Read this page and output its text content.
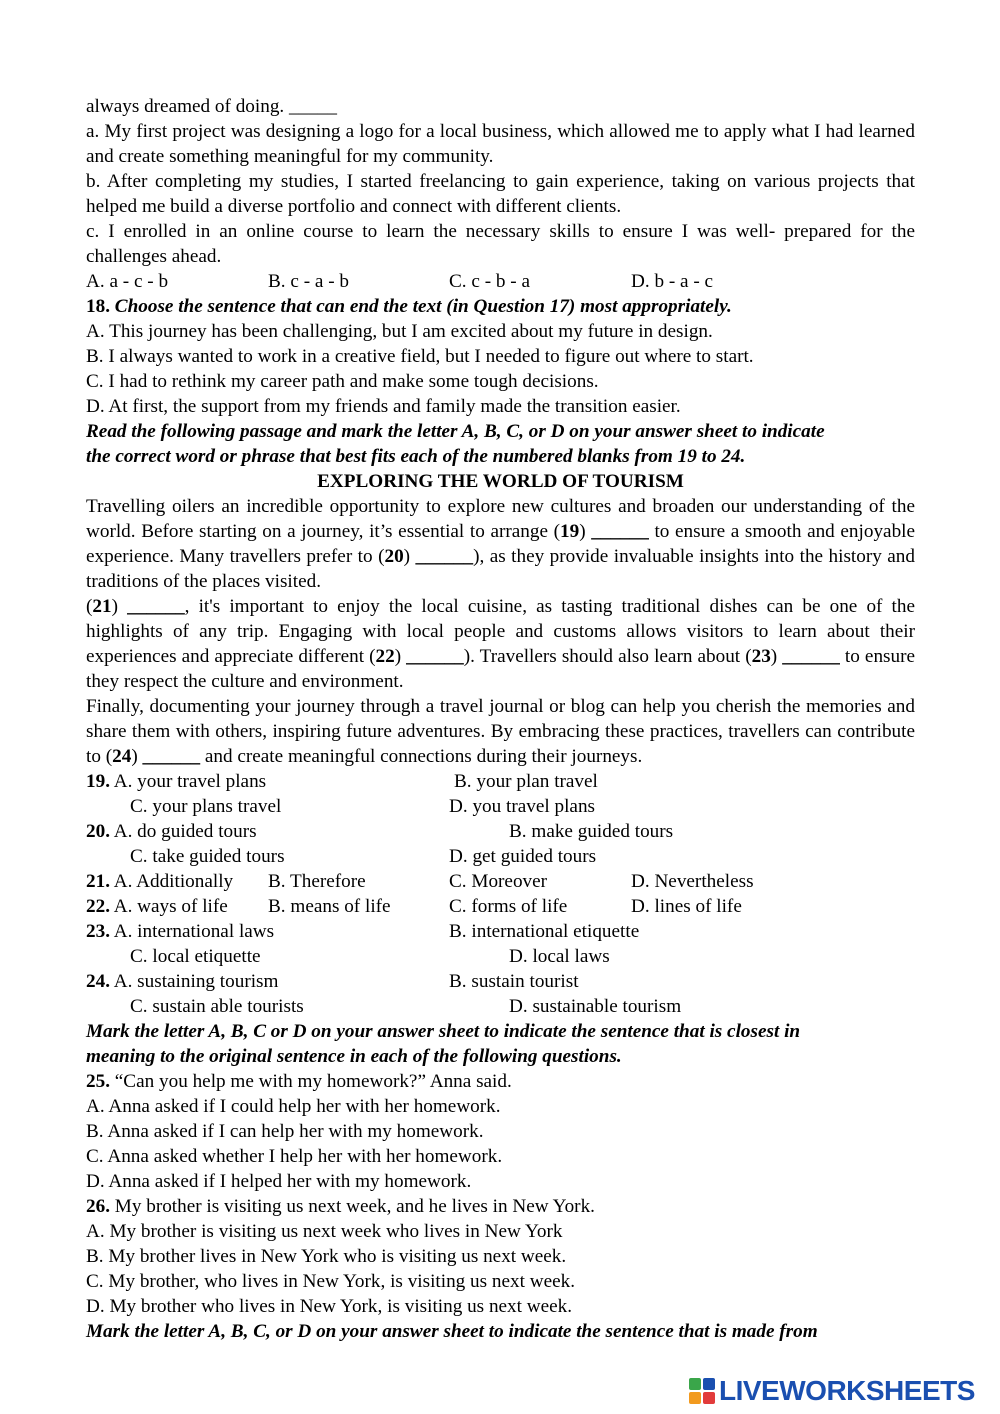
always dreamed of doing. _____
a. My first project was designing a logo for a local business, which allowed me to apply what I had learned and create something meaningful for my community.
b. After completing my studies, I started freelancing to gain experience, taking on various projects that helped me build a diverse portfolio and connect with different clients.
c. I enrolled in an online course to learn the necessary skills to ensure I was well- prepared for the challenges ahead.
A. a - c - b	B. c - a - b	C. c - b - a	D. b - a - c
18. Choose the sentence that can end the text (in Question 17) most appropriately.
A. This journey has been challenging, but I am excited about my future in design.
B. I always wanted to work in a creative field, but I needed to figure out where to start.
C. I had to rethink my career path and make some tough decisions.
D. At first, the support from my friends and family made the transition easier.
Read the following passage and mark the letter A, B, C, or D on your answer sheet to indicate
the correct word or phrase that best fits each of the numbered blanks from 19 to 24.
EXPLORING THE WORLD OF TOURISM
Travelling oilers an incredible opportunity to explore new cultures and broaden our understanding of the world. Before starting on a journey, it’s essential to arrange (19) ______ to ensure a smooth and enjoyable experience. Many travellers prefer to (20) ______), as they provide invaluable insights into the history and traditions of the places visited.
(21) ______, it's important to enjoy the local cuisine, as tasting traditional dishes can be one of the highlights of any trip. Engaging with local people and customs allows visitors to learn about their experiences and appreciate different (22) ______). Travellers should also learn about (23) ______ to ensure they respect the culture and environment.
Finally, documenting your journey through a travel journal or blog can help you cherish the memories and share them with others, inspiring future adventures. By embracing these practices, travellers can contribute to (24) ______ and create meaningful connections during their journeys.
19. A. your travel plans	B. your plan travel
C. your plans travel	D. you travel plans
20. A. do guided tours	B. make guided tours
C. take guided tours	D. get guided tours
21. A. Additionally B. Therefore	C. Moreover	D. Nevertheless
22. A. ways of life B. means of life	C. forms of life	D. lines of life
23. A. international laws	B. international etiquette
C. local etiquette	D. local laws
24. A. sustaining tourism	B. sustain tourist
C. sustain able tourists	D. sustainable tourism
Mark the letter A, B, C or D on your answer sheet to indicate the sentence that is closest in
meaning to the original sentence in each of the following questions.
25. “Can you help me with my homework?” Anna said.
A. Anna asked if I could help her with her homework.
B. Anna asked if I can help her with my homework.
C. Anna asked whether I help her with her homework.
D. Anna asked if I helped her with my homework.
26. My brother is visiting us next week, and he lives in New York.
A. My brother is visiting us next week who lives in New York
B. My brother lives in New York who is visiting us next week.
C. My brother, who lives in New York, is visiting us next week.
D. My brother who lives in New York, is visiting us next week.
Mark the letter A, B, C, or D on your answer sheet to indicate the sentence that is made from
LIVEWORKSHEETS
